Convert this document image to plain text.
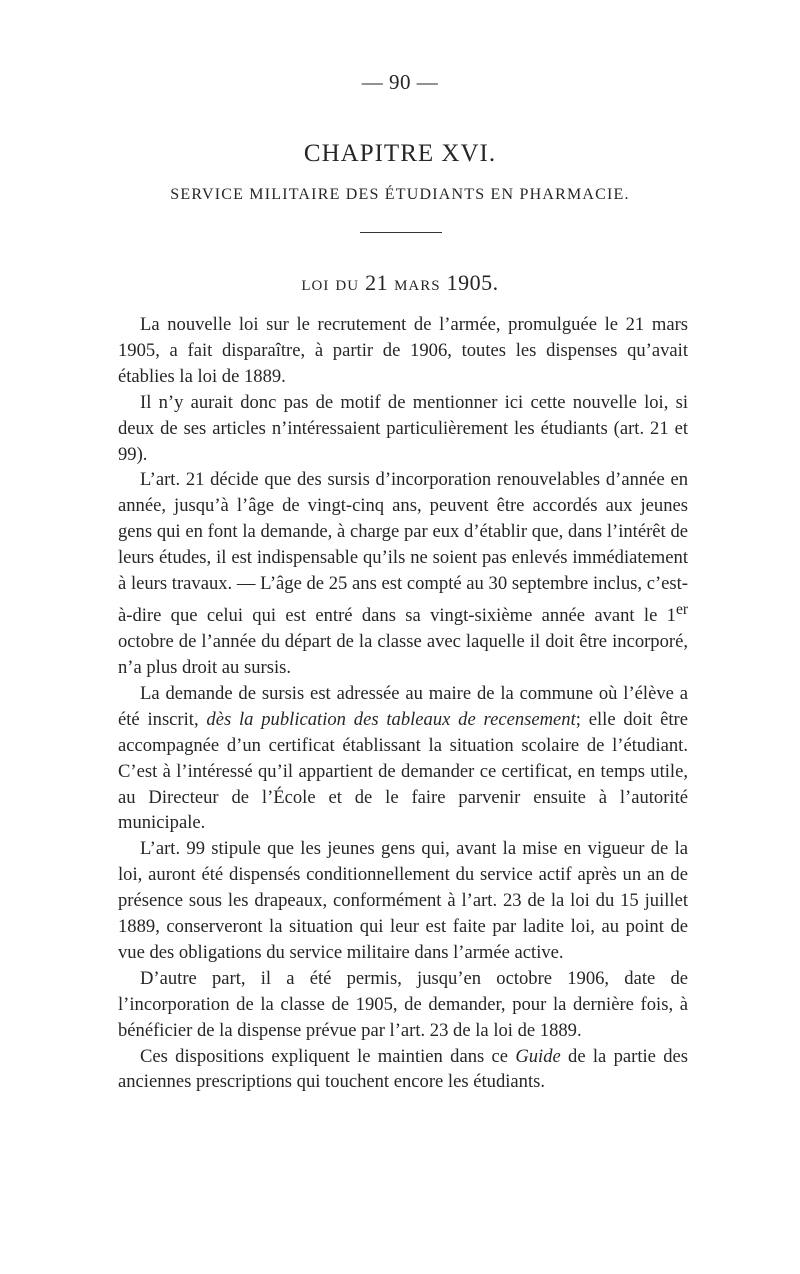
— 90 —
CHAPITRE XVI.
SERVICE MILITAIRE DES ÉTUDIANTS EN PHARMACIE.
LOI DU 21 MARS 1905.

La nouvelle loi sur le recrutement de l’armée, promulguée le 21 mars 1905, a fait disparaître, à partir de 1906, toutes les dispenses qu’avait établies la loi de 1889.

Il n’y aurait donc pas de motif de mentionner ici cette nouvelle loi, si deux de ses articles n’intéressaient particulièrement les étudiants (art. 21 et 99).

L’art. 21 décide que des sursis d’incorporation renouvelables d’année en année, jusqu’à l’âge de vingt-cinq ans, peuvent être accordés aux jeunes gens qui en font la demande, à charge par eux d’établir que, dans l’intérêt de leurs études, il est indispensable qu’ils ne soient pas enlevés immédiatement à leurs travaux. — L’âge de 25 ans est compté au 30 septembre inclus, c’est-à-dire que celui qui est entré dans sa vingt-sixième année avant le 1er octobre de l’année du départ de la classe avec laquelle il doit être incorporé, n’a plus droit au sursis.

La demande de sursis est adressée au maire de la commune où l’élève a été inscrit, dès la publication des tableaux de recensement; elle doit être accompagnée d’un certificat établissant la situation scolaire de l’étudiant. C’est à l’intéressé qu’il appartient de demander ce certificat, en temps utile, au Directeur de l’École et de le faire parvenir ensuite à l’autorité municipale.

L’art. 99 stipule que les jeunes gens qui, avant la mise en vigueur de la loi, auront été dispensés conditionnellement du service actif après un an de présence sous les drapeaux, conformément à l’art. 23 de la loi du 15 juillet 1889, conserveront la situation qui leur est faite par ladite loi, au point de vue des obligations du service militaire dans l’armée active.

D’autre part, il a été permis, jusqu’en octobre 1906, date de l’incorporation de la classe de 1905, de demander, pour la dernière fois, à bénéficier de la dispense prévue par l’art. 23 de la loi de 1889.

Ces dispositions expliquent le maintien dans ce Guide de la partie des anciennes prescriptions qui touchent encore les étudiants.
